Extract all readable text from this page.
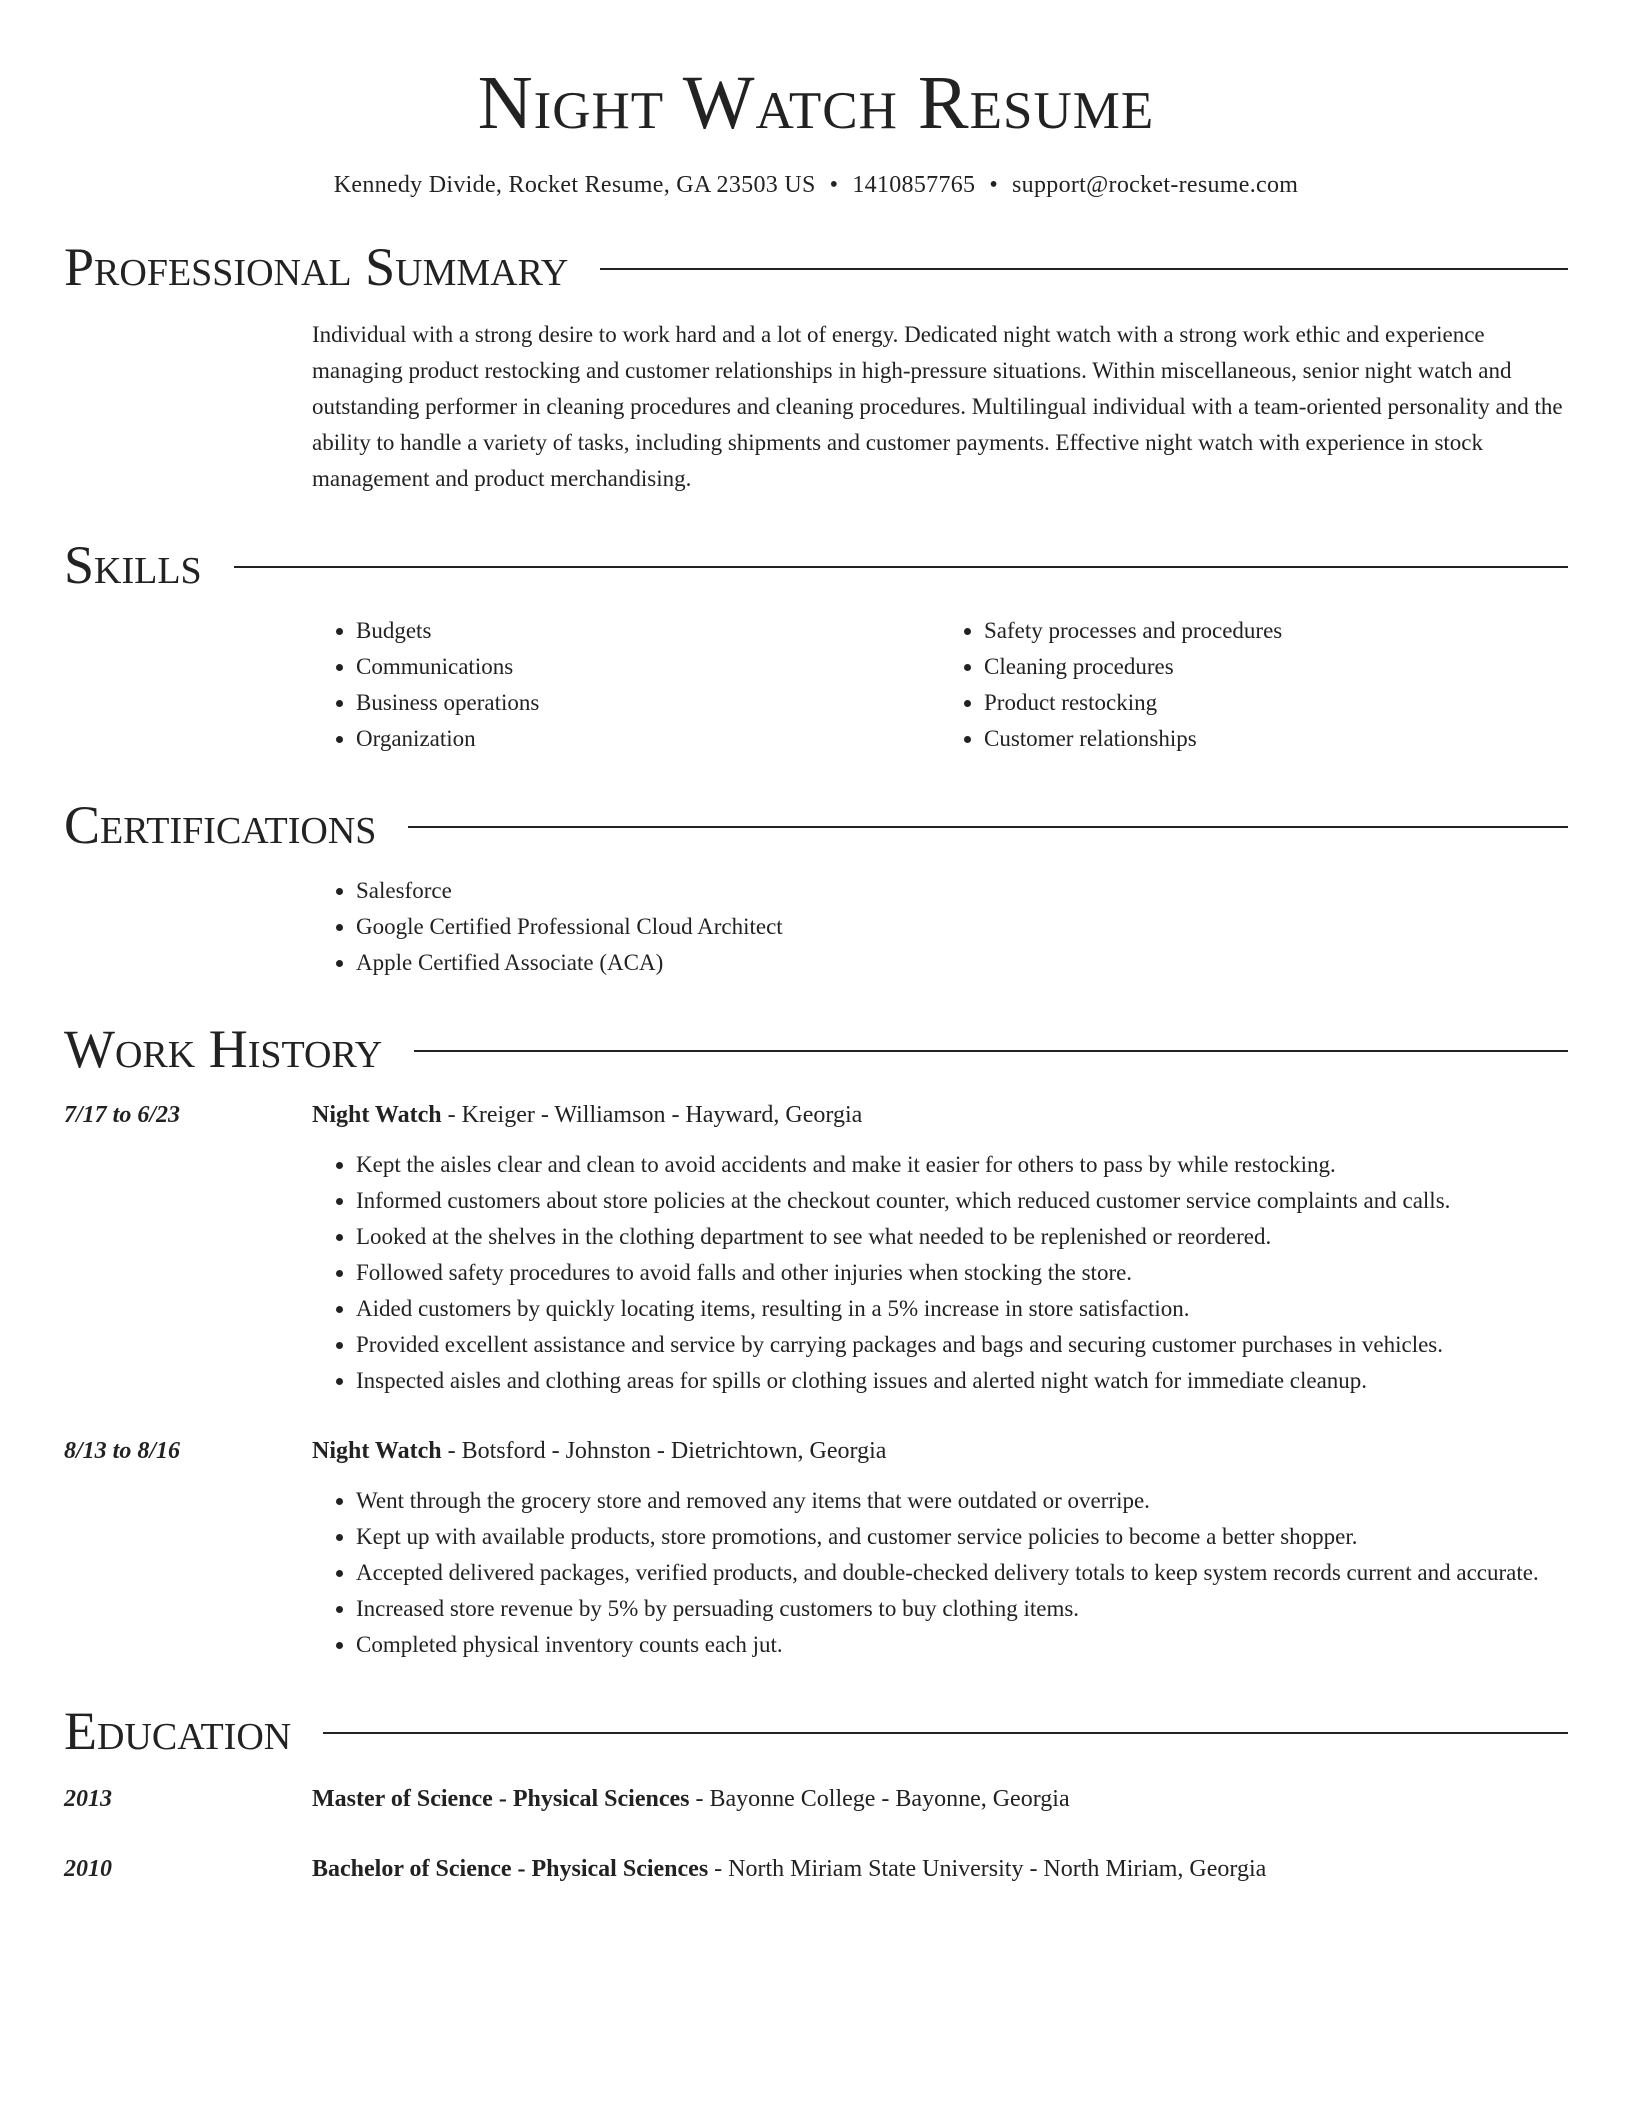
Night Watch Resume
Kennedy Divide, Rocket Resume, GA 23503 US • 1410857765 • support@rocket-resume.com
Professional Summary
Individual with a strong desire to work hard and a lot of energy. Dedicated night watch with a strong work ethic and experience managing product restocking and customer relationships in high-pressure situations. Within miscellaneous, senior night watch and outstanding performer in cleaning procedures and cleaning procedures. Multilingual individual with a team-oriented personality and the ability to handle a variety of tasks, including shipments and customer payments. Effective night watch with experience in stock management and product merchandising.
Skills
• Budgets
• Communications
• Business operations
• Organization
• Safety processes and procedures
• Cleaning procedures
• Product restocking
• Customer relationships
Certifications
• Salesforce
• Google Certified Professional Cloud Architect
• Apple Certified Associate (ACA)
Work History
7/17 to 6/23	Night Watch - Kreiger - Williamson - Hayward, Georgia
• Kept the aisles clear and clean to avoid accidents and make it easier for others to pass by while restocking.
• Informed customers about store policies at the checkout counter, which reduced customer service complaints and calls.
• Looked at the shelves in the clothing department to see what needed to be replenished or reordered.
• Followed safety procedures to avoid falls and other injuries when stocking the store.
• Aided customers by quickly locating items, resulting in a 5% increase in store satisfaction.
• Provided excellent assistance and service by carrying packages and bags and securing customer purchases in vehicles.
• Inspected aisles and clothing areas for spills or clothing issues and alerted night watch for immediate cleanup.
8/13 to 8/16	Night Watch - Botsford - Johnston - Dietrichtown, Georgia
• Went through the grocery store and removed any items that were outdated or overripe.
• Kept up with available products, store promotions, and customer service policies to become a better shopper.
• Accepted delivered packages, verified products, and double-checked delivery totals to keep system records current and accurate.
• Increased store revenue by 5% by persuading customers to buy clothing items.
• Completed physical inventory counts each jut.
Education
2013	Master of Science - Physical Sciences - Bayonne College - Bayonne, Georgia
2010	Bachelor of Science - Physical Sciences - North Miriam State University - North Miriam, Georgia
